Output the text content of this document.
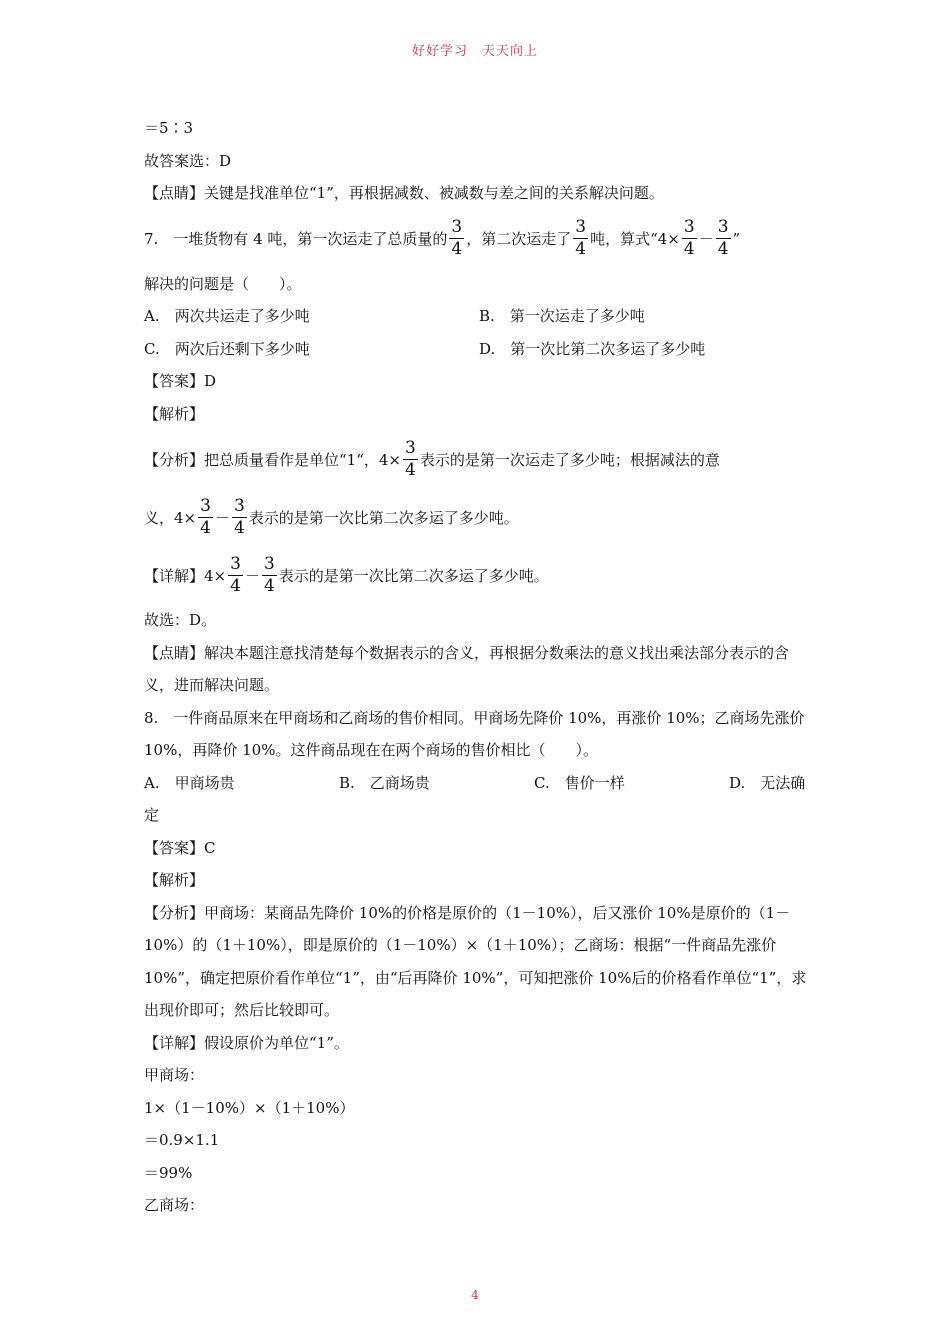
好好学习　天天向上
＝5∶3
故答案选：D
【点睛】关键是找准单位“1”，再根据减数、被减数与差之间的关系解决问题。
7.　一堆货物有 4 吨，第一次运走了总质量的 $\frac{3}{4}$ ，第二次运走了 $\frac{3}{4}$ 吨，算式“$4\times \frac{3}{4} - \frac{3}{4}$ ”
解决的问题是（　　）。
A.　两次共运走了多少吨	B.　第一次运走了多少吨
C.　两次后还剩下多少吨	D.　第一次比第二次多运了多少吨
【答案】D
【解析】
【分析】把总质量看作是单位“1“，$4\times \frac{3}{4}$ 表示的是第一次运走了多少吨；根据减法的意
义，$4\times \frac{3}{4} - \frac{3}{4}$ 表示的是第一次比第二次多运了多少吨。
【详解】$4\times \frac{3}{4} - \frac{3}{4}$ 表示的是第一次比第二次多运了多少吨。
故选：D。
【点睛】解决本题注意找清楚每个数据表示的含义，再根据分数乘法的意义找出乘法部分表示的含义，进而解决问题。
8.　一件商品原来在甲商场和乙商场的售价相同。甲商场先降价 10%，再涨价 10%；乙商场先涨价 10%，再降价 10%。这件商品现在在两个商场的售价相比（　　）。
A.　甲商场贵	B.　乙商场贵	C.　售价一样	D.　无法确
定
【答案】C
【解析】
【分析】甲商场：某商品先降价 10%的价格是原价的（1－10%），后又涨价 10%是原价的（1－10%）的（1＋10%），即是原价的（1－10%）×（1＋10%）；乙商场：根据“一件商品先涨价 10%”，确定把原价看作单位“1”，由“后再降价 10%”，可知把涨价 10%后的价格看作单位“1”，求出现价即可；然后比较即可。
【详解】假设原价为单位“1”。
甲商场：
1×（1－10%）×（1＋10%）
＝0.9×1.1
＝99%
乙商场：
4
